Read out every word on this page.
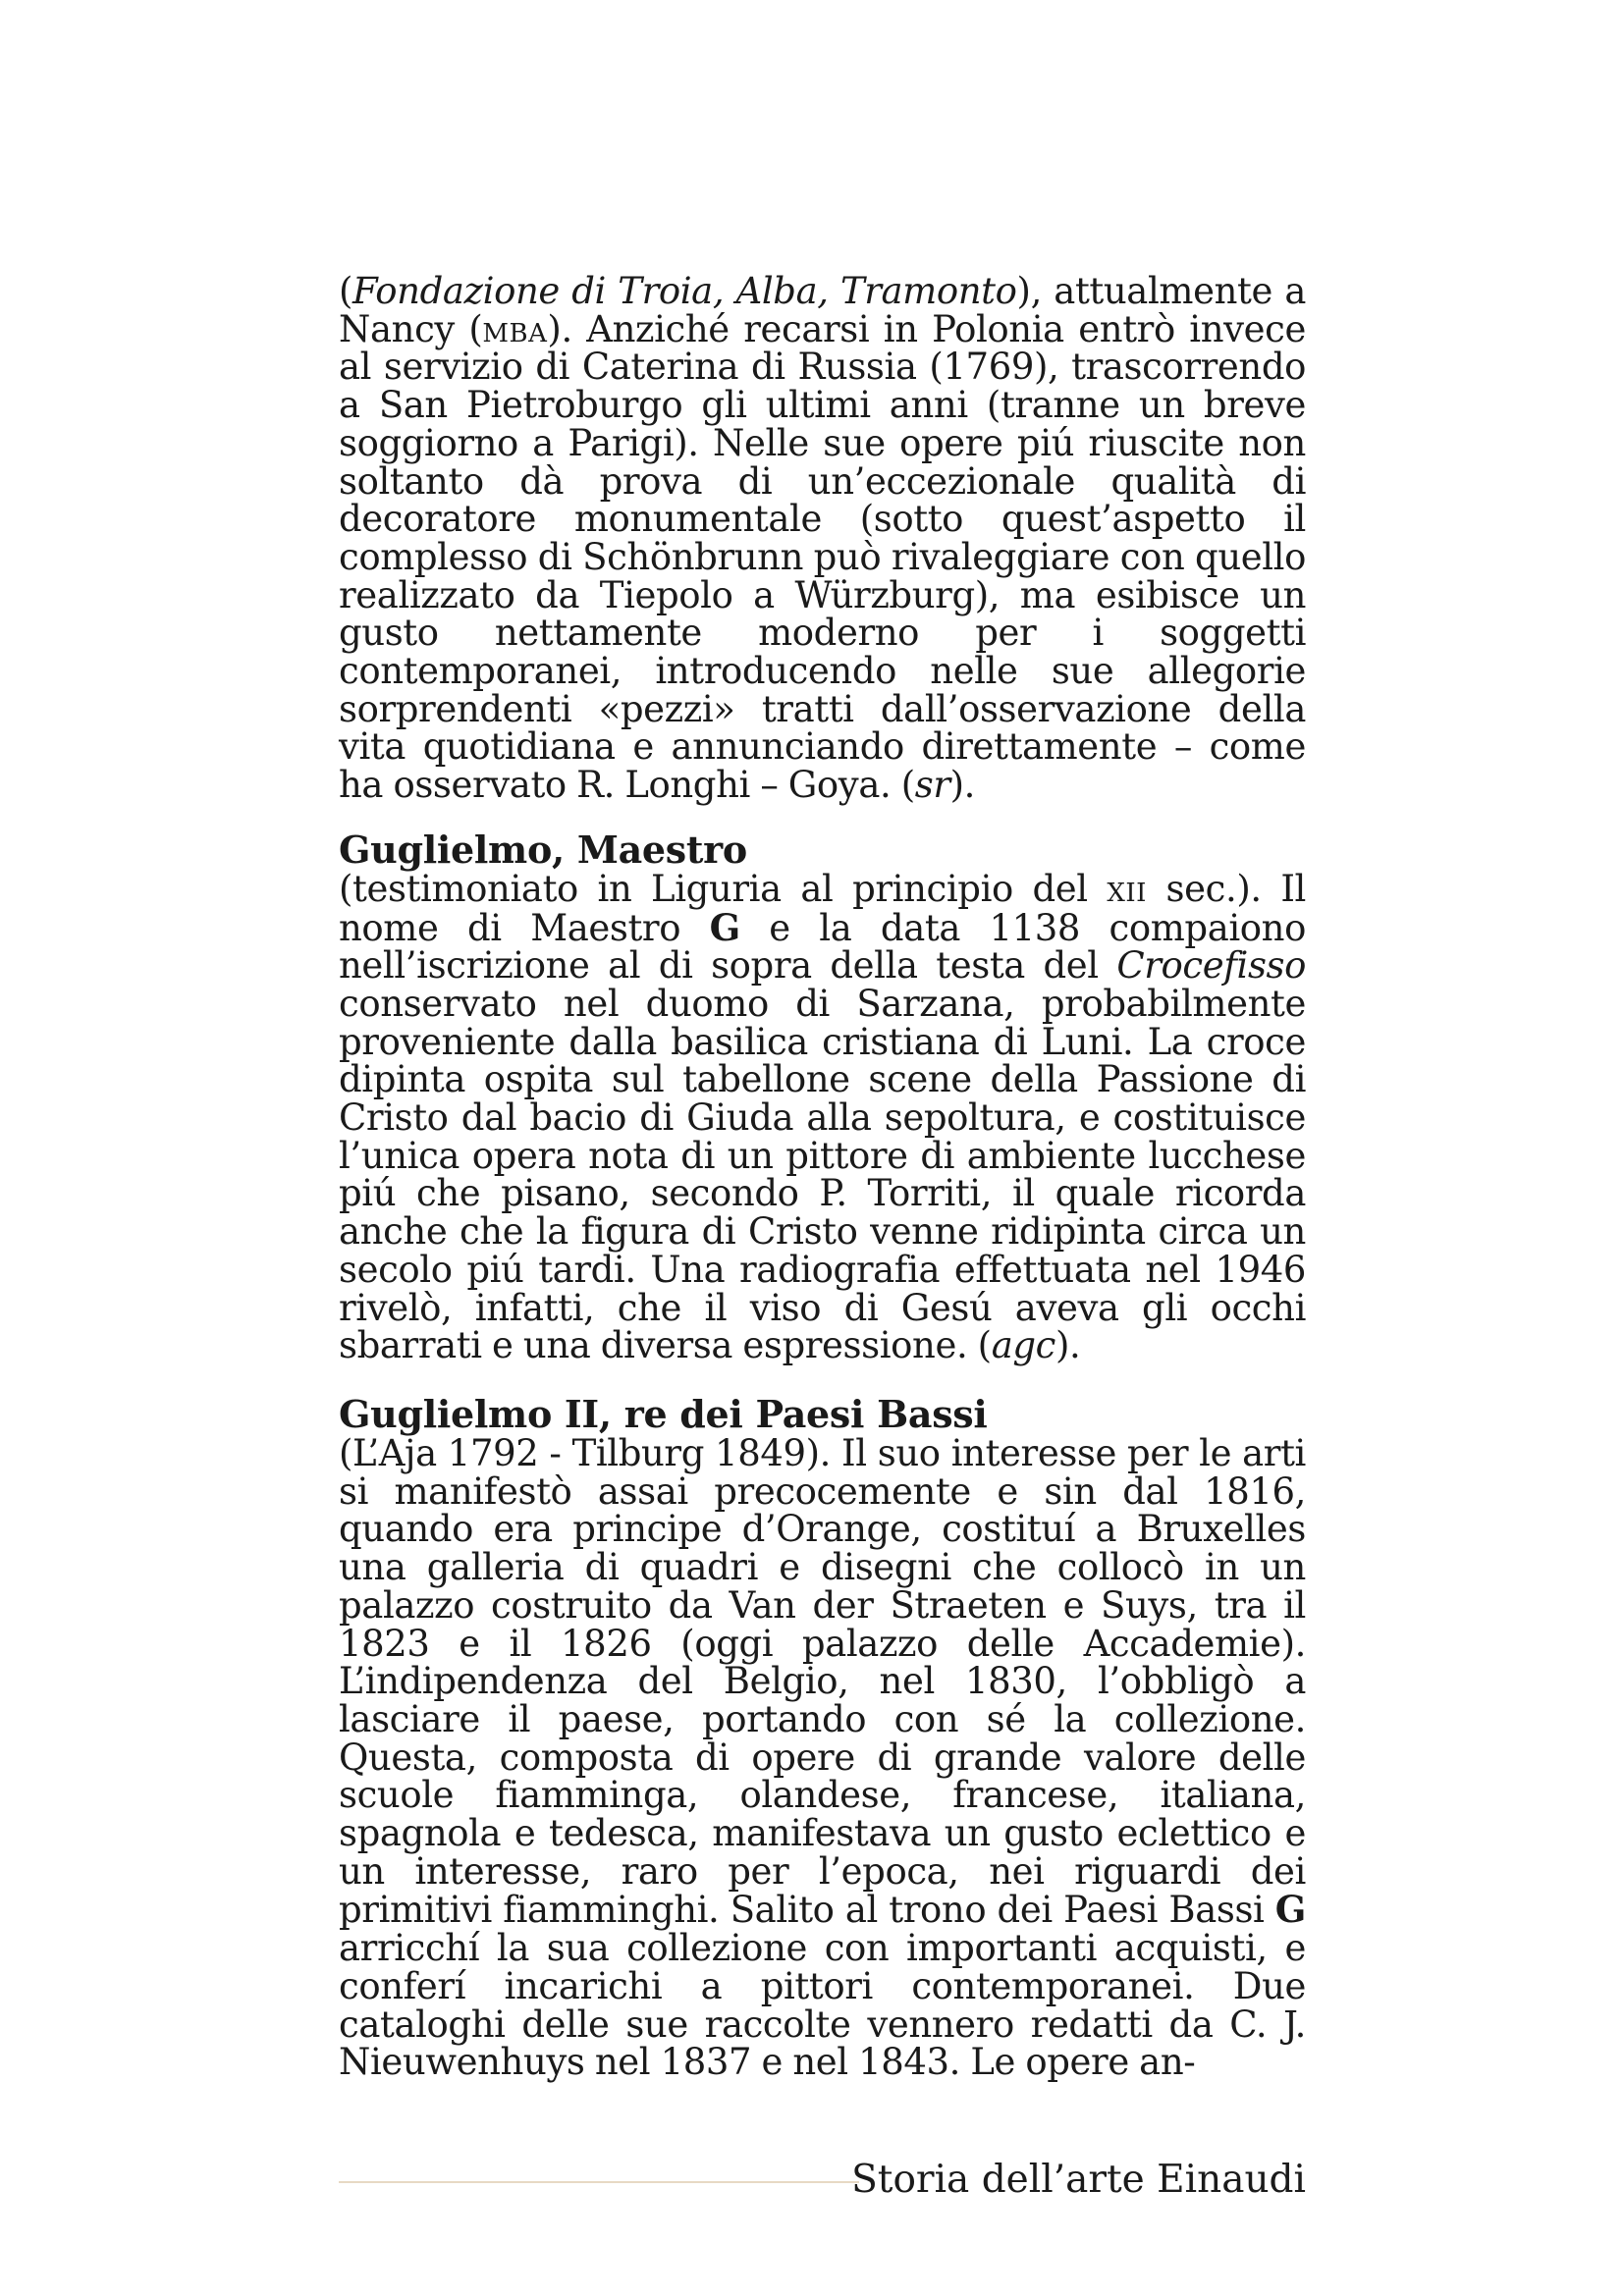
(Fondazione di Troia, Alba, Tramonto), attualmente a Nancy (mba). Anziché recarsi in Polonia entrò invece al servizio di Caterina di Russia (1769), trascorrendo a San Pietroburgo gli ultimi anni (tranne un breve soggiorno a Parigi). Nelle sue opere piú riuscite non soltanto dà prova di un’eccezionale qualità di decoratore monumentale (sotto quest’aspetto il complesso di Schönbrunn può rivaleggiare con quello realizzato da Tiepolo a Würzburg), ma esibisce un gusto nettamente moderno per i soggetti contemporanei, introducendo nelle sue allegorie sorprendenti «pezzi» tratti dall’osservazione della vita quotidiana e annunciando direttamente – come ha osservato R. Longhi – Goya. (sr).

Guglielmo, Maestro

(testimoniato in Liguria al principio del xii sec.). Il nome di Maestro G e la data 1138 compaiono nell’iscrizione al di sopra della testa del Crocefisso conservato nel duomo di Sarzana, probabilmente proveniente dalla basilica cristiana di Luni. La croce dipinta ospita sul tabellone scene della Passione di Cristo dal bacio di Giuda alla sepoltura, e costituisce l’unica opera nota di un pittore di ambiente lucchese piú che pisano, secondo P. Torriti, il quale ricorda anche che la figura di Cristo venne ridipinta circa un secolo piú tardi. Una radiografia effettuata nel 1946 rivelò, infatti, che il viso di Gesú aveva gli occhi sbarrati e una diversa espressione. (agc).

Guglielmo II, re dei Paesi Bassi

(L’Aja 1792 - Tilburg 1849). Il suo interesse per le arti si manifestò assai precocemente e sin dal 1816, quando era principe d’Orange, costituí a Bruxelles una galleria di quadri e disegni che collocò in un palazzo costruito da Van der Straeten e Suys, tra il 1823 e il 1826 (oggi palazzo delle Accademie). L’indipendenza del Belgio, nel 1830, l’obbligò a lasciare il paese, portando con sé la collezione. Questa, composta di opere di grande valore delle scuole fiamminga, olandese, francese, italiana, spagnola e tedesca, manifestava un gusto eclettico e un interesse, raro per l’epoca, nei riguardi dei primitivi fiamminghi. Salito al trono dei Paesi Bassi G arricchí la sua collezione con importanti acquisti, e conferí incarichi a pittori contemporanei. Due cataloghi delle sue raccolte vennero redatti da C. J. Nieuwenhuys nel 1837 e nel 1843. Le opere an-

Storia dell’arte Einaudi
